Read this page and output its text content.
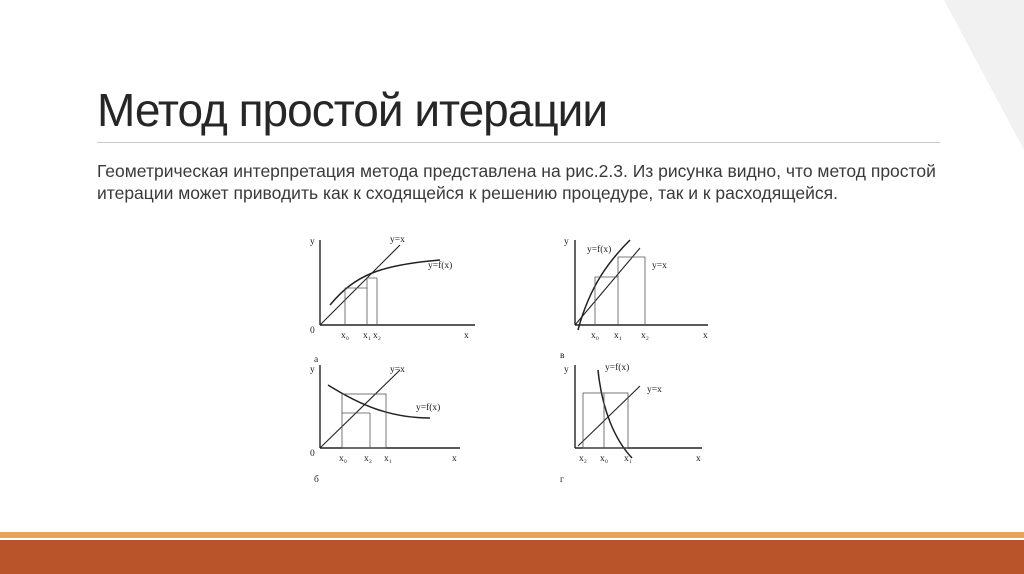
Метод простой итерации

Геометрическая интерпретация метода представлена на рис.2.3. Из рисунка видно, что метод простой итерации может приводить как к сходящейся к решению процедуре, так и к расходящейся.

y
0	x
y=x
y=f(x)
x 0 x 1 x 2
а
y
0	x
y=x
y=f(x)
x 0 x 2 x 1
б
y
x
y=f(x)
y=x
x 0 x 1 x 2
в
y
x
y=f(x)
y=x
x 2 x 0 x 1
г
